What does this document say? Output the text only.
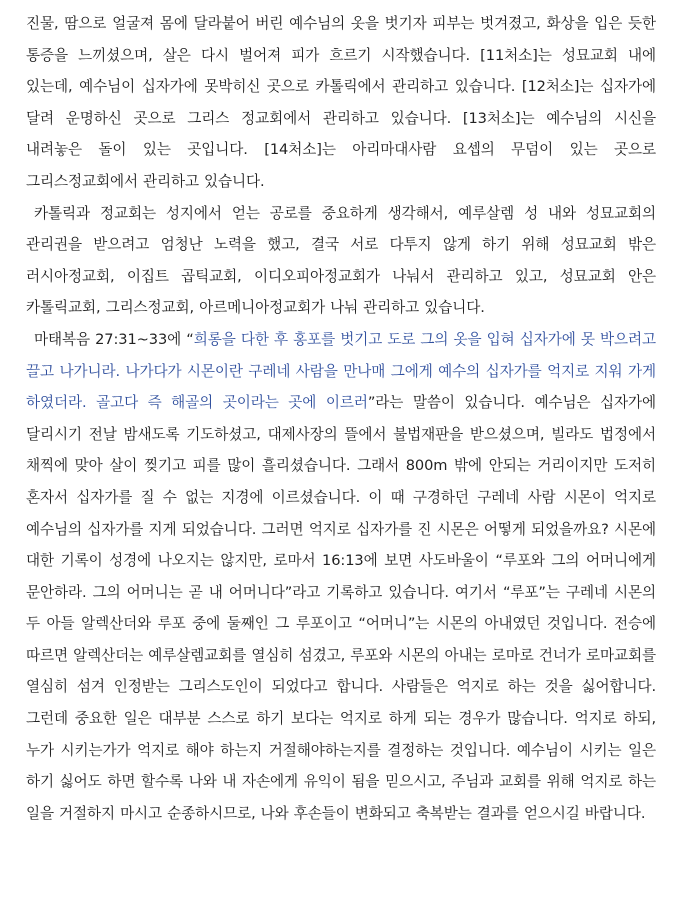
진물, 땀으로 얼굴져 몸에 달라붙어 버린 예수님의 옷을 벗기자 피부는 벗겨졌고, 화상을 입은 듯한 통증을 느끼셨으며, 살은 다시 벌어져 피가 흐르기 시작했습니다. [11처소]는 성묘교회 내에 있는데, 예수님이 십자가에 못박히신 곳으로 카톨릭에서 관리하고 있습니다. [12처소]는 십자가에 달려 운명하신 곳으로 그리스 정교회에서 관리하고 있습니다. [13처소]는 예수님의 시신을 내려놓은 돌이 있는 곳입니다. [14처소]는 아리마대사람 요셉의 무덤이 있는 곳으로 그리스정교회에서 관리하고 있습니다.

카톨릭과 정교회는 성지에서 얻는 공로를 중요하게 생각해서, 예루살렘 성 내와 성묘교회의 관리권을 받으려고 엄청난 노력을 했고, 결국 서로 다투지 않게 하기 위해 성묘교회 밖은 러시아정교회, 이집트 곱틱교회, 이디오피아정교회가 나눠서 관리하고 있고, 성묘교회 안은 카톨릭교회, 그리스정교회, 아르메니아정교회가 나눠 관리하고 있습니다.

마태복음 27:31~33에 “희롱을 다한 후 홍포를 벗기고 도로 그의 옷을 입혀 십자가에 못 박으려고 끌고 나가니라. 나가다가 시몬이란 구레네 사람을 만나매 그에게 예수의 십자가를 억지로 지워 가게 하였더라. 골고다 즉 해골의 곳이라는 곳에 이르러”라는 말씀이 있습니다. 예수님은 십자가에 달리시기 전날 밤새도록 기도하셨고, 대제사장의 뜰에서 불법재판을 받으셨으며, 빌라도 법정에서 채찍에 맞아 살이 찢기고 피를 많이 흘리셨습니다. 그래서 800m 밖에 안되는 거리이지만 도저히 혼자서 십자가를 질 수 없는 지경에 이르셨습니다. 이 때 구경하던 구레네 사람 시몬이 억지로 예수님의 십자가를 지게 되었습니다. 그러면 억지로 십자가를 진 시몬은 어떻게 되었을까요? 시몬에 대한 기록이 성경에 나오지는 않지만, 로마서 16:13에 보면 사도바울이 “루포와 그의 어머니에게 문안하라. 그의 어머니는 곧 내 어머니다”라고 기록하고 있습니다. 여기서 “루포”는 구레네 시몬의 두 아들 알렉산더와 루포 중에 둘째인 그 루포이고 “어머니”는 시몬의 아내였던 것입니다. 전승에 따르면 알렉산더는 예루살렘교회를 열심히 섬겼고, 루포와 시몬의 아내는 로마로 건너가 로마교회를 열심히 섬겨 인정받는 그리스도인이 되었다고 합니다. 사람들은 억지로 하는 것을 싫어합니다. 그런데 중요한 일은 대부분 스스로 하기 보다는 억지로 하게 되는 경우가 많습니다. 억지로 하되, 누가 시키는가가 억지로 해야 하는지 거절해야하는지를 결정하는 것입니다. 예수님이 시키는 일은 하기 싫어도 하면 할수록 나와 내 자손에게 유익이 됨을 믿으시고, 주님과 교회를 위해 억지로 하는 일을 거절하지 마시고 순종하시므로, 나와 후손들이 변화되고 축복받는 결과를 얻으시길 바랍니다.
